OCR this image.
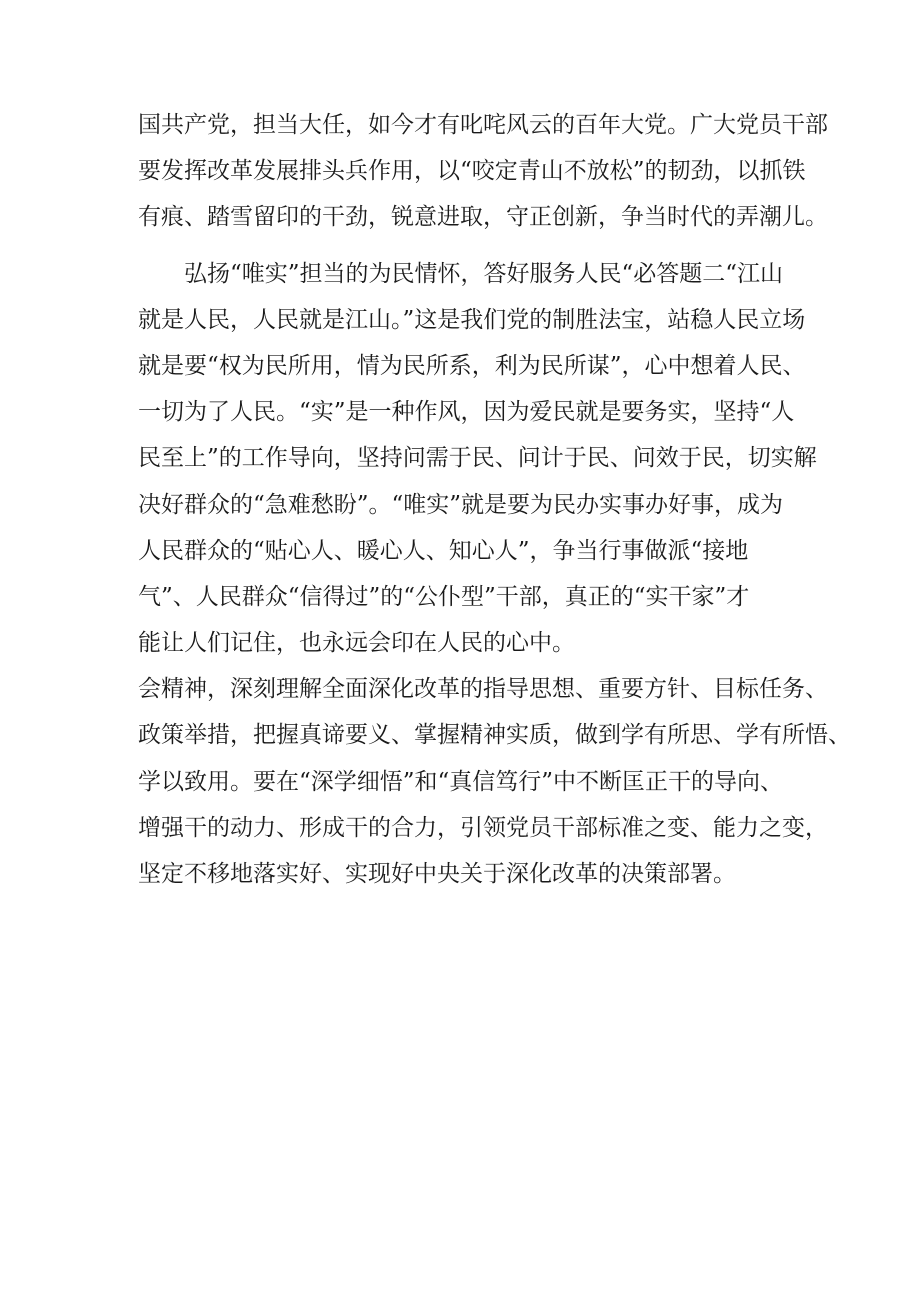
国共产党，担当大任，如今才有叱咤风云的百年大党。广大党员干部
要发挥改革发展排头兵作用，以“咬定青山不放松”的韧劲，以抓铁
有痕、踏雪留印的干劲，锐意进取，守正创新，争当时代的弄潮儿。
弘扬“唯实”担当的为民情怀，答好服务人民“必答题二“江山
就是人民，人民就是江山。”这是我们党的制胜法宝，站稳人民立场
就是要“权为民所用，情为民所系，利为民所谋”，心中想着人民、
一切为了人民。“实”是一种作风，因为爱民就是要务实，坚持“人
民至上”的工作导向，坚持问需于民、问计于民、问效于民，切实解
决好群众的“急难愁盼”。“唯实”就是要为民办实事办好事，成为
人民群众的“贴心人、暖心人、知心人”，争当行事做派“接地
气”、人民群众“信得过”的“公仆型”干部，真正的“实干家”才
能让人们记住，也永远会印在人民的心中。
会精神，深刻理解全面深化改革的指导思想、重要方针、目标任务、
政策举措，把握真谛要义、掌握精神实质，做到学有所思、学有所悟、
学以致用。要在“深学细悟”和“真信笃行”中不断匡正干的导向、
增强干的动力、形成干的合力，引领党员干部标准之变、能力之变，
坚定不移地落实好、实现好中央关于深化改革的决策部署。
